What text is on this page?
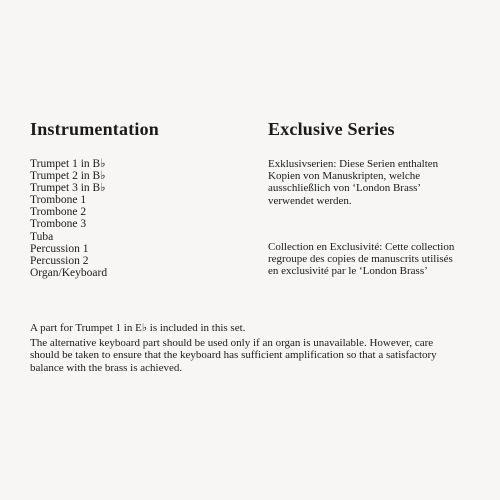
Instrumentation
Trumpet 1 in B♭
Trumpet 2 in B♭
Trumpet 3 in B♭
Trombone 1
Trombone 2
Trombone 3
Tuba
Percussion 1
Percussion 2
Organ/Keyboard
Exclusive Series

Exklusivserien: Diese Serien enthalten
Kopien von Manuskripten, welche
ausschließlich von ‘London Brass’
verwendet werden.

Collection en Exclusivité: Cette collection
regroupe des copies de manuscrits utilisés
en exclusivité par le ‘London Brass’

A part for Trumpet 1 in E♭ is included in this set.

The alternative keyboard part should be used only if an organ is unavailable. However, care
should be taken to ensure that the keyboard has sufficient amplification so that a satisfactory
balance with the brass is achieved.
